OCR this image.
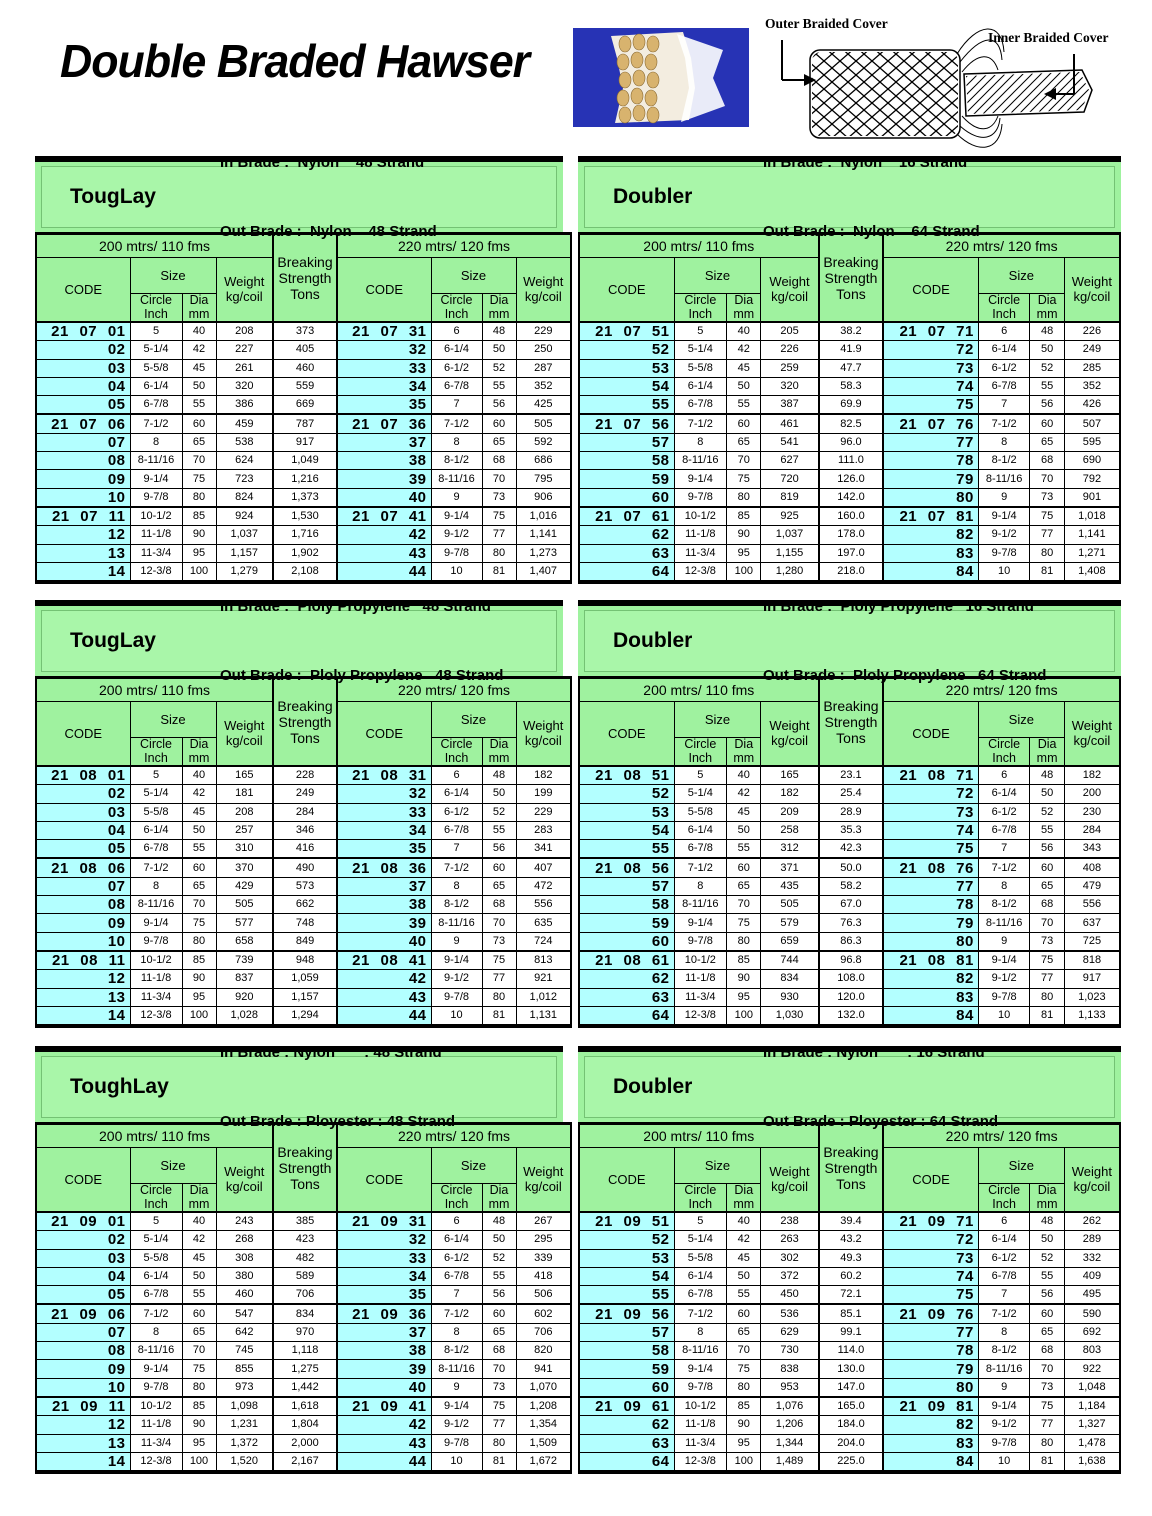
Double Braded Hawser
Outer Braided Cover
Inner Braided Cover
TougLay

In Brade :  Nylon    48 Strand

Out Brade :  Nylon    48 Strand

200 mtrs/ 110 fms				Breaking Strength Tons	220 mtrs/ 120 fms			
CODE	Size		Weight kg/coil		CODE	Size		Weight kg/coil
	Circle Inch	Dia mm				Circle Inch	Dia mm	
21 07 01	5	40	208	373	21 07 31	6	48	229
02	5-1/4	42	227	405	32	6-1/4	50	250
03	5-5/8	45	261	460	33	6-1/2	52	287
04	6-1/4	50	320	559	34	6-7/8	55	352
05	6-7/8	55	386	669	35	7	56	425
21 07 06	7-1/2	60	459	787	21 07 36	7-1/2	60	505
07	8	65	538	917	37	8	65	592
08	8-11/16	70	624	1,049	38	8-1/2	68	686
09	9-1/4	75	723	1,216	39	8-11/16	70	795
10	9-7/8	80	824	1,373	40	9	73	906
21 07 11	10-1/2	85	924	1,530	21 07 41	9-1/4	75	1,016
12	11-1/8	90	1,037	1,716	42	9-1/2	77	1,141
13	11-3/4	95	1,157	1,902	43	9-7/8	80	1,273
14	12-3/8	100	1,279	2,108	44	10	81	1,407
Doubler

In Brade :  Nylon    16 Strand

Out Brade :  Nylon    64 Strand

200 mtrs/ 110 fms				Breaking Strength Tons	220 mtrs/ 120 fms			
CODE	Size		Weight kg/coil		CODE	Size		Weight kg/coil
	Circle Inch	Dia mm				Circle Inch	Dia mm	
21 07 51	5	40	205	38.2	21 07 71	6	48	226
52	5-1/4	42	226	41.9	72	6-1/4	50	249
53	5-5/8	45	259	47.7	73	6-1/2	52	285
54	6-1/4	50	320	58.3	74	6-7/8	55	352
55	6-7/8	55	387	69.9	75	7	56	426
21 07 56	7-1/2	60	461	82.5	21 07 76	7-1/2	60	507
57	8	65	541	96.0	77	8	65	595
58	8-11/16	70	627	111.0	78	8-1/2	68	690
59	9-1/4	75	720	126.0	79	8-11/16	70	792
60	9-7/8	80	819	142.0	80	9	73	901
21 07 61	10-1/2	85	925	160.0	21 07 81	9-1/4	75	1,018
62	11-1/8	90	1,037	178.0	82	9-1/2	77	1,141
63	11-3/4	95	1,155	197.0	83	9-7/8	80	1,271
64	12-3/8	100	1,280	218.0	84	10	81	1,408
TougLay

In Brade :  Ploly Propylene   48 Strand

Out Brade :  Ploly Propylene   48 Strand

200 mtrs/ 110 fms				Breaking Strength Tons	220 mtrs/ 120 fms			
CODE	Size		Weight kg/coil		CODE	Size		Weight kg/coil
	Circle Inch	Dia mm				Circle Inch	Dia mm	
21 08 01	5	40	165	228	21 08 31	6	48	182
02	5-1/4	42	181	249	32	6-1/4	50	199
03	5-5/8	45	208	284	33	6-1/2	52	229
04	6-1/4	50	257	346	34	6-7/8	55	283
05	6-7/8	55	310	416	35	7	56	341
21 08 06	7-1/2	60	370	490	21 08 36	7-1/2	60	407
07	8	65	429	573	37	8	65	472
08	8-11/16	70	505	662	38	8-1/2	68	556
09	9-1/4	75	577	748	39	8-11/16	70	635
10	9-7/8	80	658	849	40	9	73	724
21 08 11	10-1/2	85	739	948	21 08 41	9-1/4	75	813
12	11-1/8	90	837	1,059	42	9-1/2	77	921
13	11-3/4	95	920	1,157	43	9-7/8	80	1,012
14	12-3/8	100	1,028	1,294	44	10	81	1,131
Doubler

In Brade :  Ploly Propylene   16 Strand

Out Brade :  Ploly Propylene   64 Strand

200 mtrs/ 110 fms				Breaking Strength Tons	220 mtrs/ 120 fms			
CODE	Size		Weight kg/coil		CODE	Size		Weight kg/coil
	Circle Inch	Dia mm				Circle Inch	Dia mm	
21 08 51	5	40	165	23.1	21 08 71	6	48	182
52	5-1/4	42	182	25.4	72	6-1/4	50	200
53	5-5/8	45	209	28.9	73	6-1/2	52	230
54	6-1/4	50	258	35.3	74	6-7/8	55	284
55	6-7/8	55	312	42.3	75	7	56	343
21 08 56	7-1/2	60	371	50.0	21 08 76	7-1/2	60	408
57	8	65	435	58.2	77	8	65	479
58	8-11/16	70	505	67.0	78	8-1/2	68	556
59	9-1/4	75	579	76.3	79	8-11/16	70	637
60	9-7/8	80	659	86.3	80	9	73	725
21 08 61	10-1/2	85	744	96.8	21 08 81	9-1/4	75	818
62	11-1/8	90	834	108.0	82	9-1/2	77	917
63	11-3/4	95	930	120.0	83	9-7/8	80	1,023
64	12-3/8	100	1,030	132.0	84	10	81	1,133
ToughLay

In Brade : Nylon       : 48 Strand

Out Brade : Ployester : 48 Strand

200 mtrs/ 110 fms				Breaking Strength Tons	220 mtrs/ 120 fms			
CODE	Size		Weight kg/coil		CODE	Size		Weight kg/coil
	Circle Inch	Dia mm				Circle Inch	Dia mm	
21 09 01	5	40	243	385	21 09 31	6	48	267
02	5-1/4	42	268	423	32	6-1/4	50	295
03	5-5/8	45	308	482	33	6-1/2	52	339
04	6-1/4	50	380	589	34	6-7/8	55	418
05	6-7/8	55	460	706	35	7	56	506
21 09 06	7-1/2	60	547	834	21 09 36	7-1/2	60	602
07	8	65	642	970	37	8	65	706
08	8-11/16	70	745	1,118	38	8-1/2	68	820
09	9-1/4	75	855	1,275	39	8-11/16	70	941
10	9-7/8	80	973	1,442	40	9	73	1,070
21 09 11	10-1/2	85	1,098	1,618	21 09 41	9-1/4	75	1,208
12	11-1/8	90	1,231	1,804	42	9-1/2	77	1,354
13	11-3/4	95	1,372	2,000	43	9-7/8	80	1,509
14	12-3/8	100	1,520	2,167	44	10	81	1,672
Doubler

In Brade : Nylon       : 16 Strand

Out Brade : Ployester : 64 Strand

200 mtrs/ 110 fms				Breaking Strength Tons	220 mtrs/ 120 fms			
CODE	Size		Weight kg/coil		CODE	Size		Weight kg/coil
	Circle Inch	Dia mm				Circle Inch	Dia mm	
21 09 51	5	40	238	39.4	21 09 71	6	48	262
52	5-1/4	42	263	43.2	72	6-1/4	50	289
53	5-5/8	45	302	49.3	73	6-1/2	52	332
54	6-1/4	50	372	60.2	74	6-7/8	55	409
55	6-7/8	55	450	72.1	75	7	56	495
21 09 56	7-1/2	60	536	85.1	21 09 76	7-1/2	60	590
57	8	65	629	99.1	77	8	65	692
58	8-11/16	70	730	114.0	78	8-1/2	68	803
59	9-1/4	75	838	130.0	79	8-11/16	70	922
60	9-7/8	80	953	147.0	80	9	73	1,048
21 09 61	10-1/2	85	1,076	165.0	21 09 81	9-1/4	75	1,184
62	11-1/8	90	1,206	184.0	82	9-1/2	77	1,327
63	11-3/4	95	1,344	204.0	83	9-7/8	80	1,478
64	12-3/8	100	1,489	225.0	84	10	81	1,638
